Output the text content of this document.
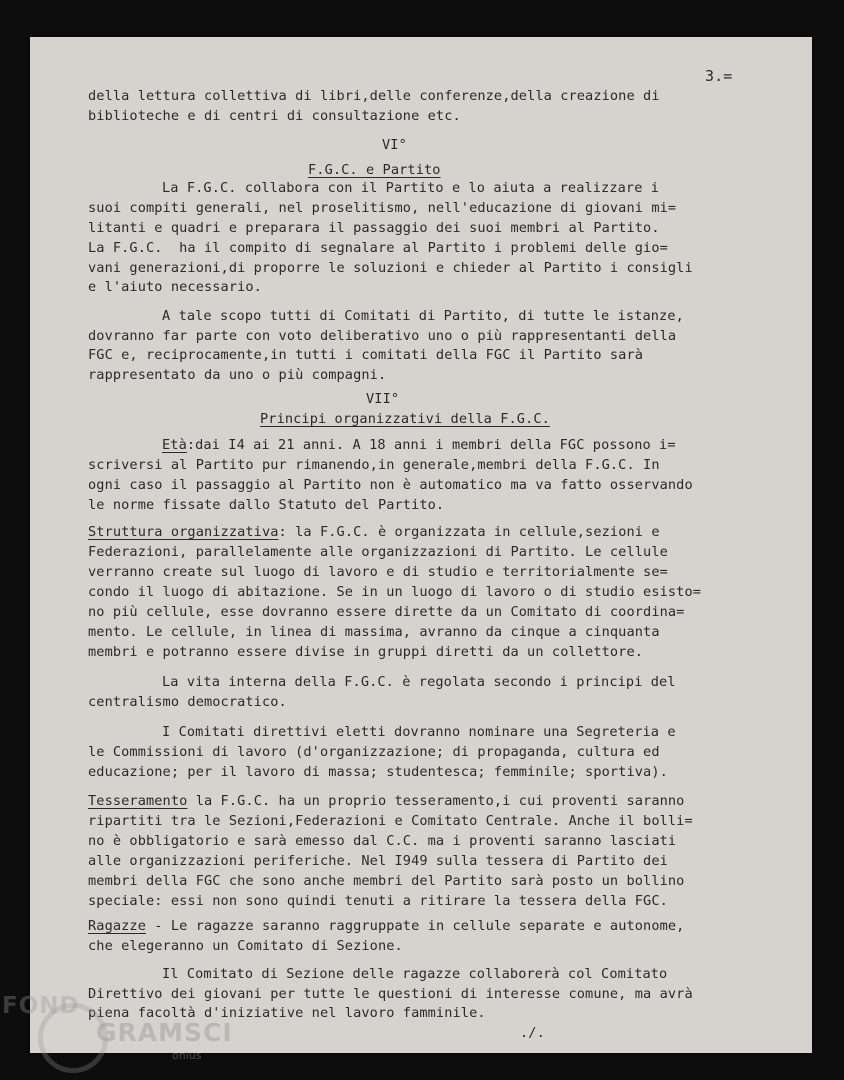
3.=
della lettura collettiva di libri,delle conferenze,della creazione di
biblioteche e di centri di consultazione etc.
VI°
F.G.C. e Partito
La F.G.C. collabora con il Partito e lo aiuta a realizzare i
suoi compiti generali, nel proselitismo, nell'educazione di giovani mi=
litanti e quadri e preparara il passaggio dei suoi membri al Partito.
La F.G.C.  ha il compito di segnalare al Partito i problemi delle gio=
vani generazioni,di proporre le soluzioni e chieder al Partito i consigli
e l'aiuto necessario.
A tale scopo tutti di Comitati di Partito, di tutte le istanze,
dovranno far parte con voto deliberativo uno o più rappresentanti della
FGC e, reciprocamente,in tutti i comitati della FGC il Partito sarà
rappresentato da uno o più compagni.
VII°
Principi organizzativi della F.G.C.
Età:dai I4 ai 21 anni. A 18 anni i membri della FGC possono i=
scriversi al Partito pur rimanendo,in generale,membri della F.G.C. In
ogni caso il passaggio al Partito non è automatico ma va fatto osservando
le norme fissate dallo Statuto del Partito.
Struttura organizzativa: la F.G.C. è organizzata in cellule,sezioni e
Federazioni, parallelamente alle organizzazioni di Partito. Le cellule
verranno create sul luogo di lavoro e di studio e territorialmente se=
condo il luogo di abitazione. Se in un luogo di lavoro o di studio esisto=
no più cellule, esse dovranno essere dirette da un Comitato di coordina=
mento. Le cellule, in linea di massima, avranno da cinque a cinquanta
membri e potranno essere divise in gruppi diretti da un collettore.
La vita interna della F.G.C. è regolata secondo i principi del
centralismo democratico.
I Comitati direttivi eletti dovranno nominare una Segreteria e
le Commissioni di lavoro (d'organizzazione; di propaganda, cultura ed
educazione; per il lavoro di massa; studentesca; femminile; sportiva).
Tesseramento la F.G.C. ha un proprio tesseramento,i cui proventi saranno
ripartiti tra le Sezioni,Federazioni e Comitato Centrale. Anche il bolli=
no è obbligatorio e sarà emesso dal C.C. ma i proventi saranno lasciati
alle organizzazioni periferiche. Nel I949 sulla tessera di Partito dei
membri della FGC che sono anche membri del Partito sarà posto un bollino
speciale: essi non sono quindi tenuti a ritirare la tessera della FGC.
Ragazze - Le ragazze saranno raggruppate in cellule separate e autonome,
che elegeranno un Comitato di Sezione.
Il Comitato di Sezione delle ragazze collaborerà col Comitato
Direttivo dei giovani per tutte le questioni di interesse comune, ma avrà
piena facoltà d'iniziative nel lavoro famminile.
./.
FOND
GRAMSCI
onlus
